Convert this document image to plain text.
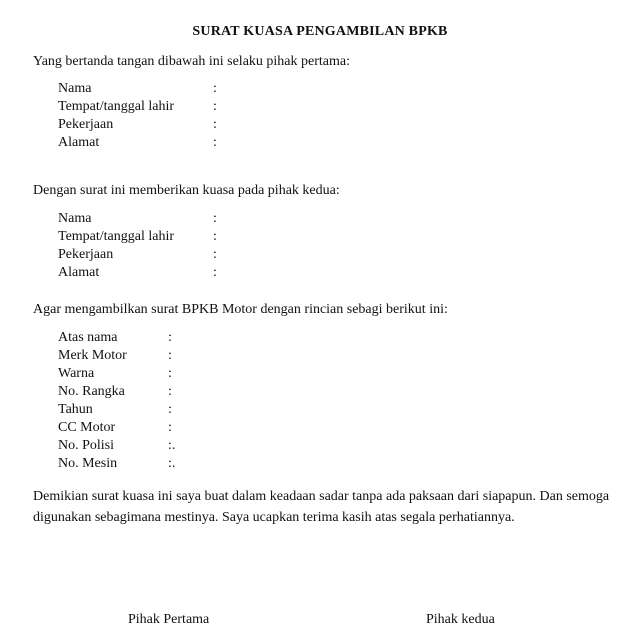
SURAT KUASA PENGAMBILAN BPKB
Yang bertanda tangan dibawah ini selaku pihak pertama:
Nama	:
Tempat/tanggal lahir	:
Pekerjaan	:
Alamat	:
Dengan surat ini memberikan kuasa pada pihak kedua:
Nama	:
Tempat/tanggal lahir	:
Pekerjaan	:
Alamat	:
Agar mengambilkan surat BPKB Motor dengan rincian sebagi berikut ini:
Atas nama	:
Merk Motor	:
Warna	:
No. Rangka	:
Tahun	:
CC Motor	:
No. Polisi	:.
No. Mesin	:.
Demikian surat kuasa ini saya buat dalam keadaan sadar tanpa ada paksaan dari siapapun. Dan semoga digunakan sebagimana mestinya. Saya ucapkan terima kasih atas segala perhatiannya.
Pihak Pertama	Pihak kedua
